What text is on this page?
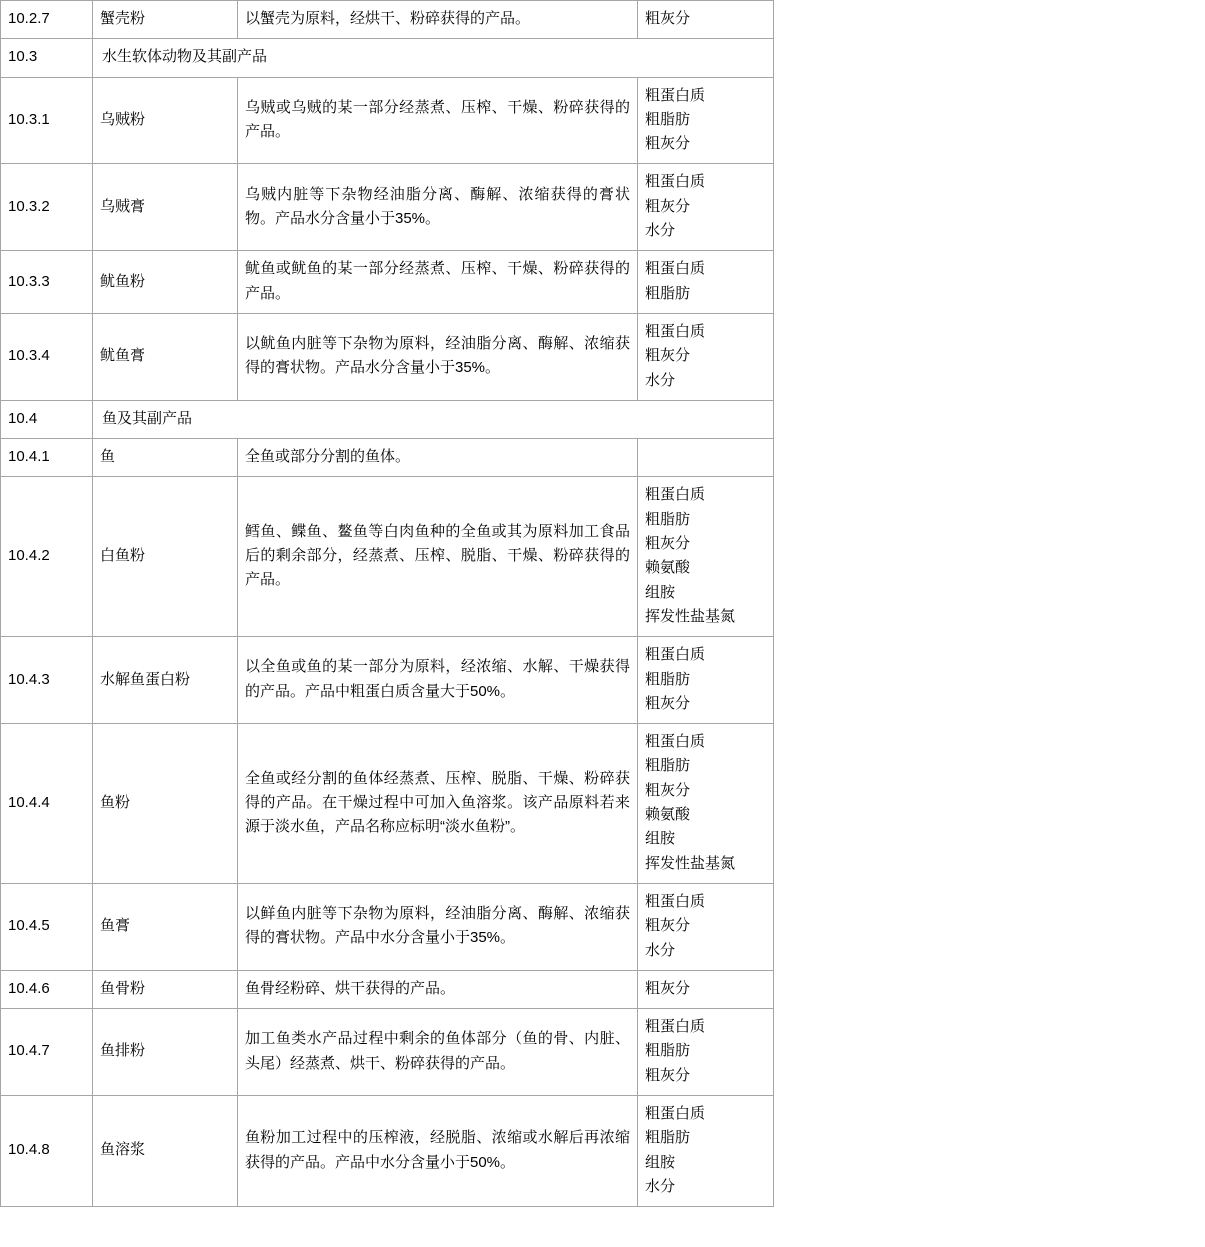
10.2.7	蟹壳粉	以蟹壳为原料，经烘干、粉碎获得的产品。	粗灰分

10.3	水生软体动物及其副产品		
10.3.1	乌贼粉	乌贼或乌贼的某一部分经蒸煮、压榨、干燥、粉碎获得的产品。	粗蛋白质
粗脂肪
粗灰分

10.3.2	乌贼膏	乌贼内脏等下杂物经油脂分离、酶解、浓缩获得的膏状物。产品水分含量小于35%。	粗蛋白质
粗灰分
水分

10.3.3	鱿鱼粉	鱿鱼或鱿鱼的某一部分经蒸煮、压榨、干燥、粉碎获得的产品。	粗蛋白质
粗脂肪

10.3.4	鱿鱼膏	以鱿鱼内脏等下杂物为原料，经油脂分离、酶解、浓缩获得的膏状物。产品水分含量小于35%。	粗蛋白质
粗灰分
水分

10.4	鱼及其副产品		
10.4.1	鱼	全鱼或部分分割的鱼体。	
10.4.2	白鱼粉	鳕鱼、鲽鱼、鳌鱼等白肉鱼种的全鱼或其为原料加工食品后的剩余部分，经蒸煮、压榨、脱脂、干燥、粉碎获得的产品。	
粗蛋白质
粗脂肪
粗灰分
赖氨酸
组胺
挥发性盐基氮

10.4.3	水解鱼蛋白粉	以全鱼或鱼的某一部分为原料，经浓缩、水解、干燥获得的产品。产品中粗蛋白质含量大于50%。	粗蛋白质
粗脂肪
粗灰分

10.4.4	鱼粉	全鱼或经分割的鱼体经蒸煮、压榨、脱脂、干燥、粉碎获得的产品。在干燥过程中可加入鱼溶浆。该产品原料若来源于淡水鱼，产品名称应标明“淡水鱼粉”。	
粗蛋白质
粗脂肪
粗灰分
赖氨酸
组胺
挥发性盐基氮

10.4.5	鱼膏	以鲜鱼内脏等下杂物为原料，经油脂分离、酶解、浓缩获得的膏状物。产品中水分含量小于35%。	粗蛋白质
粗灰分
水分

10.4.6	鱼骨粉	鱼骨经粉碎、烘干获得的产品。	粗灰分

10.4.7	鱼排粉	加工鱼类水产品过程中剩余的鱼体部分（鱼的骨、内脏、头尾）经蒸煮、烘干、粉碎获得的产品。	粗蛋白质
粗脂肪
粗灰分

10.4.8	鱼溶浆	鱼粉加工过程中的压榨液，经脱脂、浓缩或水解后再浓缩获得的产品。产品中水分含量小于50%。	粗蛋白质
粗脂肪
组胺
水分
